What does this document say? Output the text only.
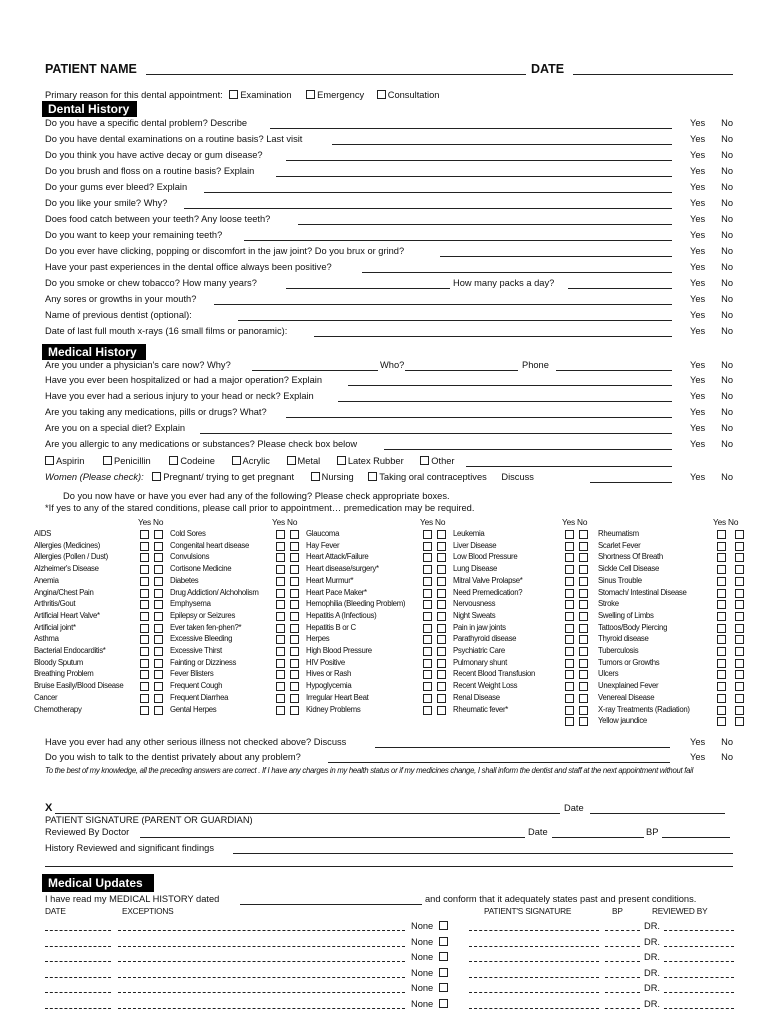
PATIENT NAME	DATE
Primary reason for this dental appointment: Examination	Emergency	Consultation
Dental History
Do you have a specific dental problem? Describe	Yes No
Do you have dental examinations on a routine basis? Last visit	Yes No
Do you think you have active decay or gum disease?	Yes No
Do you brush and floss on a routine basis? Explain	Yes No
Do your gums ever bleed? Explain	Yes No
Do you like your smile? Why?	Yes No
Does food catch between your teeth? Any loose teeth?	Yes No
Do you want to keep your remaining teeth?	Yes No
Do you ever have clicking, popping or discomfort in the jaw joint? Do you brux or grind?	Yes No
Have your past experiences in the dental office always been positive?	Yes No
Do you smoke or chew tobacco? How many years?	How many packs a day?	Yes No
Any sores or growths in your mouth?	Yes No
Name of previous dentist (optional):	Yes No
Date of last full mouth x-rays (16 small films or panoramic):	Yes No
Medical History
Are you under a physician's care now? Why?	Who?	Phone	Yes No
Have you ever been hospitalized or had a major operation? Explain	Yes No
Have you ever had a serious injury to your head or neck? Explain	Yes No
Are you taking any medications, pills or drugs? What?	Yes No
Are you on a special diet? Explain	Yes No
Are you allergic to any medications or substances? Please check box below	Yes No
Aspirin	Penicillin	Codeine	Acrylic	Metal	Latex Rubber	Other
Women (Please check): Pregnant/ trying to get pregnant	Nursing	Taking oral contraceptives Discuss	Yes No
Do you now have or have you ever had any of the following? Please check appropriate boxes.
*If yes to any of the stared conditions, please call prior to appointment… premedication may be required.
Yes No
AIDS
Allergies (Medicines)
Allergies (Pollen / Dust)
Alzheimer's Disease
Anemia
Angina/Chest Pain
Arthritis/Gout
Artificial Heart Valve*
Artificial joint*
Asthma
Bacterial Endocarditis*
Bloody Sputum
Breathing Problem
Bruise Easily/Blood Disease
Cancer
Chemotherapy
Yes No
Cold Sores
Congenital heart disease
Convulsions
Cortisone Medicine
Diabetes
Drug Addiction/ Alchoholism
Emphysema
Epilepsy or Seizures
Ever taken fen-phen?*
Excessive Bleeding
Excessive Thirst
Fainting or Dizziness
Fever Blisters
Frequent Cough
Frequent Diarrhea
Gental Herpes
Yes No
Glaucoma
Hay Fever
Heart Attack/Failure
Heart disease/surgery*
Heart Murmur*
Heart Pace Maker*
Hemophilia (Bleeding Problem)
Hepatitis A (Infectious)
Hepatitis B or C
Herpes
High Blood Pressure
HIV Positive
Hives or Rash
Hypoglycemia
Irregular Heart Beat
Kidney Problems
Yes No
Leukemia
Liver Disease
Low Blood Pressure
Lung Disease
Mitral Valve Prolapse*
Need Premedication?
Nervousness
Night Sweats
Pain in jaw joints
Parathyroid disease
Psychiatric Care
Pulmonary shunt
Recent Blood Transfusion
Recent Weight Loss
Renal Disease
Rheumatic fever*
Yes No
Rheumatism
Scarlet Fever
Shortness Of Breath
Sickle Cell Disease
Sinus Trouble
Stomach/ Intestinal Disease
Stroke
Swelling of Limbs
Tattoos/Body Piercing
Thyroid disease
Tuberculosis
Tumors or Growths
Ulcers
Unexplained Fever
Venereal Disease
X-ray Treatments (Radiation)
Yellow jaundice
Have you ever had any other serious illness not checked above? Discuss	Yes No
Do you wish to talk to the dentist privately about any problem?	Yes No
To the best of my knowledge, all the preceding answers are correct . If I have any charges in my health status or if my medicines change, I shall inform the dentist and staff at the next appointment without fail
X	Date
PATIENT SIGNATURE (PARENT OR GUARDIAN)
Reviewed By Doctor	Date	BP
History Reviewed and significant findings
Medical Updates
I have read my MEDICAL HISTORY dated	and conform that it adequately states past and present conditions.
DATE	EXCEPTIONS	PATIENT'S SIGNATURE	BP	REVIEWED BY
None	DR.
None	DR.
None	DR.
None	DR.
None	DR.
None	DR.
